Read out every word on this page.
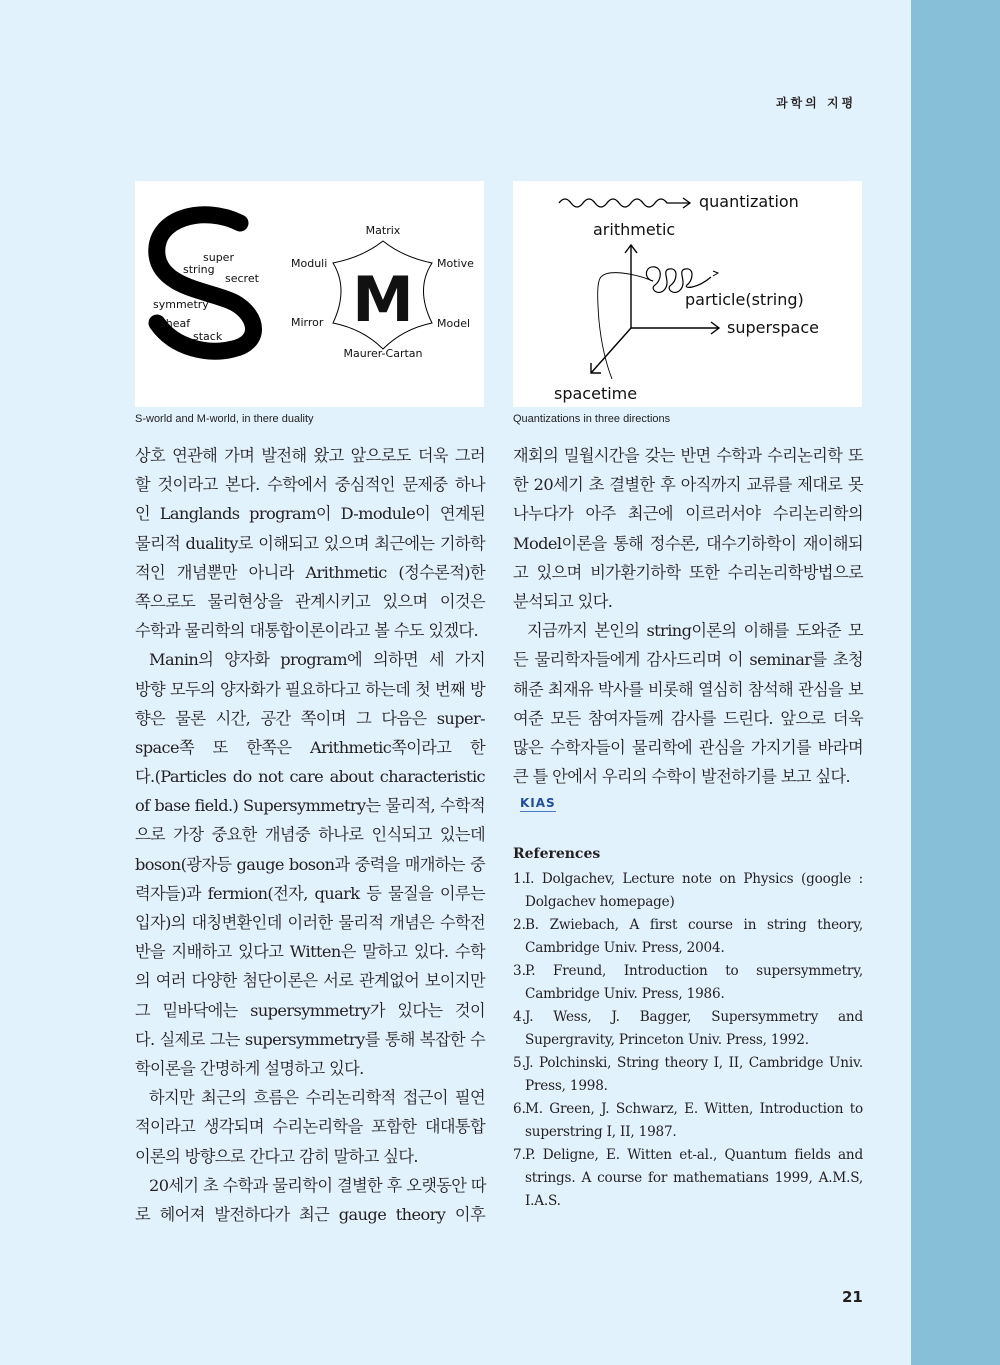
과학의 지평
super
string
secret
symmetry
sheaf
stack
M
Matrix
Moduli	Motive
Mirror	Model
Maurer-Cartan
S-world and M-world, in there duality
quantization
arithmetic
particle(string)
superspace
spacetime
Quantizations in three directions
상호 연관해 가며 발전해 왔고 앞으로도 더욱 그러
할 것이라고 본다. 수학에서 중심적인 문제중 하나
인 Langlands program이 D-module이 연계된
물리적 duality로 이해되고 있으며 최근에는 기하학
적인 개념뿐만 아니라 Arithmetic (정수론적)한
쪽으로도 물리현상을 관계시키고 있으며 이것은
수학과 물리학의 대통합이론이라고 볼 수도 있겠다.
Manin의 양자화 program에 의하면 세 가지
방향 모두의 양자화가 필요하다고 하는데 첫 번째 방
향은 물론 시간, 공간 쪽이며 그 다음은 super-
space쪽 또 한쪽은 Arithmetic쪽이라고 한
다.(Particles do not care about characteristic
of base field.) Supersymmetry는 물리적, 수학적
으로 가장 중요한 개념중 하나로 인식되고 있는데
boson(광자등 gauge boson과 중력을 매개하는 중
력자들)과 fermion(전자, quark 등 물질을 이루는
입자)의 대칭변환인데 이러한 물리적 개념은 수학전
반을 지배하고 있다고 Witten은 말하고 있다. 수학
의 여러 다양한 첨단이론은 서로 관계없어 보이지만
그 밑바닥에는 supersymmetry가 있다는 것이
다. 실제로 그는 supersymmetry를 통해 복잡한 수
학이론을 간명하게 설명하고 있다.
하지만 최근의 흐름은 수리논리학적 접근이 필연
적이라고 생각되며 수리논리학을 포함한 대대통합
이론의 방향으로 간다고 감히 말하고 싶다.
20세기 초 수학과 물리학이 결별한 후 오랫동안 따
로 헤어져 발전하다가 최근 gauge theory 이후
재회의 밀월시간을 갖는 반면 수학과 수리논리학 또
한 20세기 초 결별한 후 아직까지 교류를 제대로 못
나누다가 아주 최근에 이르러서야 수리논리학의
Model이론을 통해 정수론, 대수기하학이 재이해되
고 있으며 비가환기하학 또한 수리논리학방법으로
분석되고 있다.
지금까지 본인의 string이론의 이해를 도와준 모
든 물리학자들에게 감사드리며 이 seminar를 초청
해준 최재유 박사를 비롯해 열심히 참석해 관심을 보
여준 모든 참여자들께 감사를 드린다. 앞으로 더욱
많은 수학자들이 물리학에 관심을 가지기를 바라며
큰 틀 안에서 우리의 수학이 발전하기를 보고 싶다.
KIAS
References
1. I. Dolgachev, Lecture note on Physics (google : Dolgachev homepage)
2. B. Zwiebach, A first course in string theory, Cambridge Univ. Press, 2004.
3. P. Freund, Introduction to supersymmetry, Cambridge Univ. Press, 1986.
4. J. Wess, J. Bagger, Supersymmetry and Supergravity, Princeton Univ. Press, 1992.
5. J. Polchinski, String theory I, II, Cambridge Univ. Press, 1998.
6. M. Green, J. Schwarz, E. Witten, Introduction to superstring I, II, 1987.
7. P. Deligne, E. Witten et-al., Quantum fields and strings. A course for mathematians 1999, A.M.S, I.A.S.
21
